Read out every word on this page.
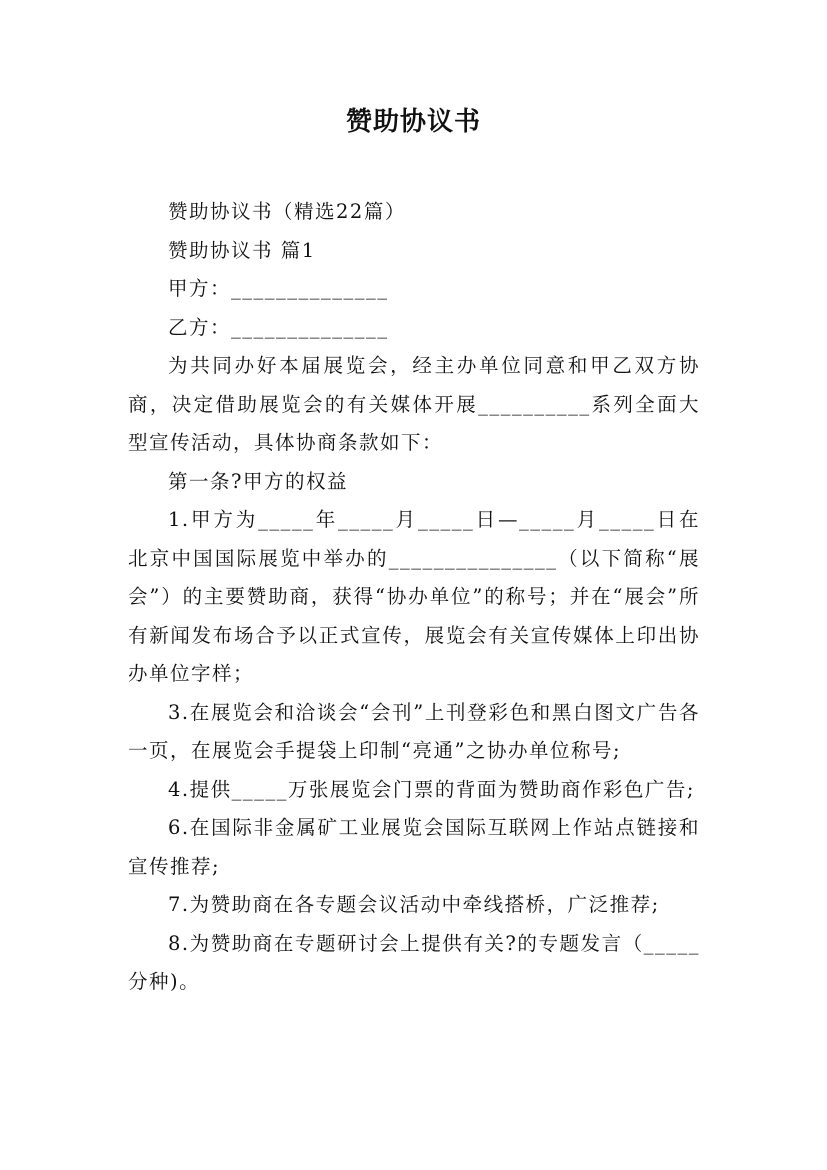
赞助协议书

赞助协议书（精选22篇）

赞助协议书 篇1

甲方：______________

乙方：______________

为共同办好本届展览会，经主办单位同意和甲乙双方协商，决定借助展览会的有关媒体开展__________系列全面大型宣传活动，具体协商条款如下：

第一条?甲方的权益

1.甲方为_____年_____月_____日—_____月_____日在北京中国国际展览中举办的_______________（以下简称“展会”）的主要赞助商，获得“协办单位”的称号；并在“展会”所有新闻发布场合予以正式宣传，展览会有关宣传媒体上印出协办单位字样；

3.在展览会和洽谈会“会刊”上刊登彩色和黑白图文广告各一页，在展览会手提袋上印制“亮通”之协办单位称号;

4.提供_____万张展览会门票的背面为赞助商作彩色广告;

6.在国际非金属矿工业展览会国际互联网上作站点链接和宣传推荐;

7.为赞助商在各专题会议活动中牵线搭桥，广泛推荐;

8.为赞助商在专题研讨会上提供有关?的专题发言（_____分种)。
